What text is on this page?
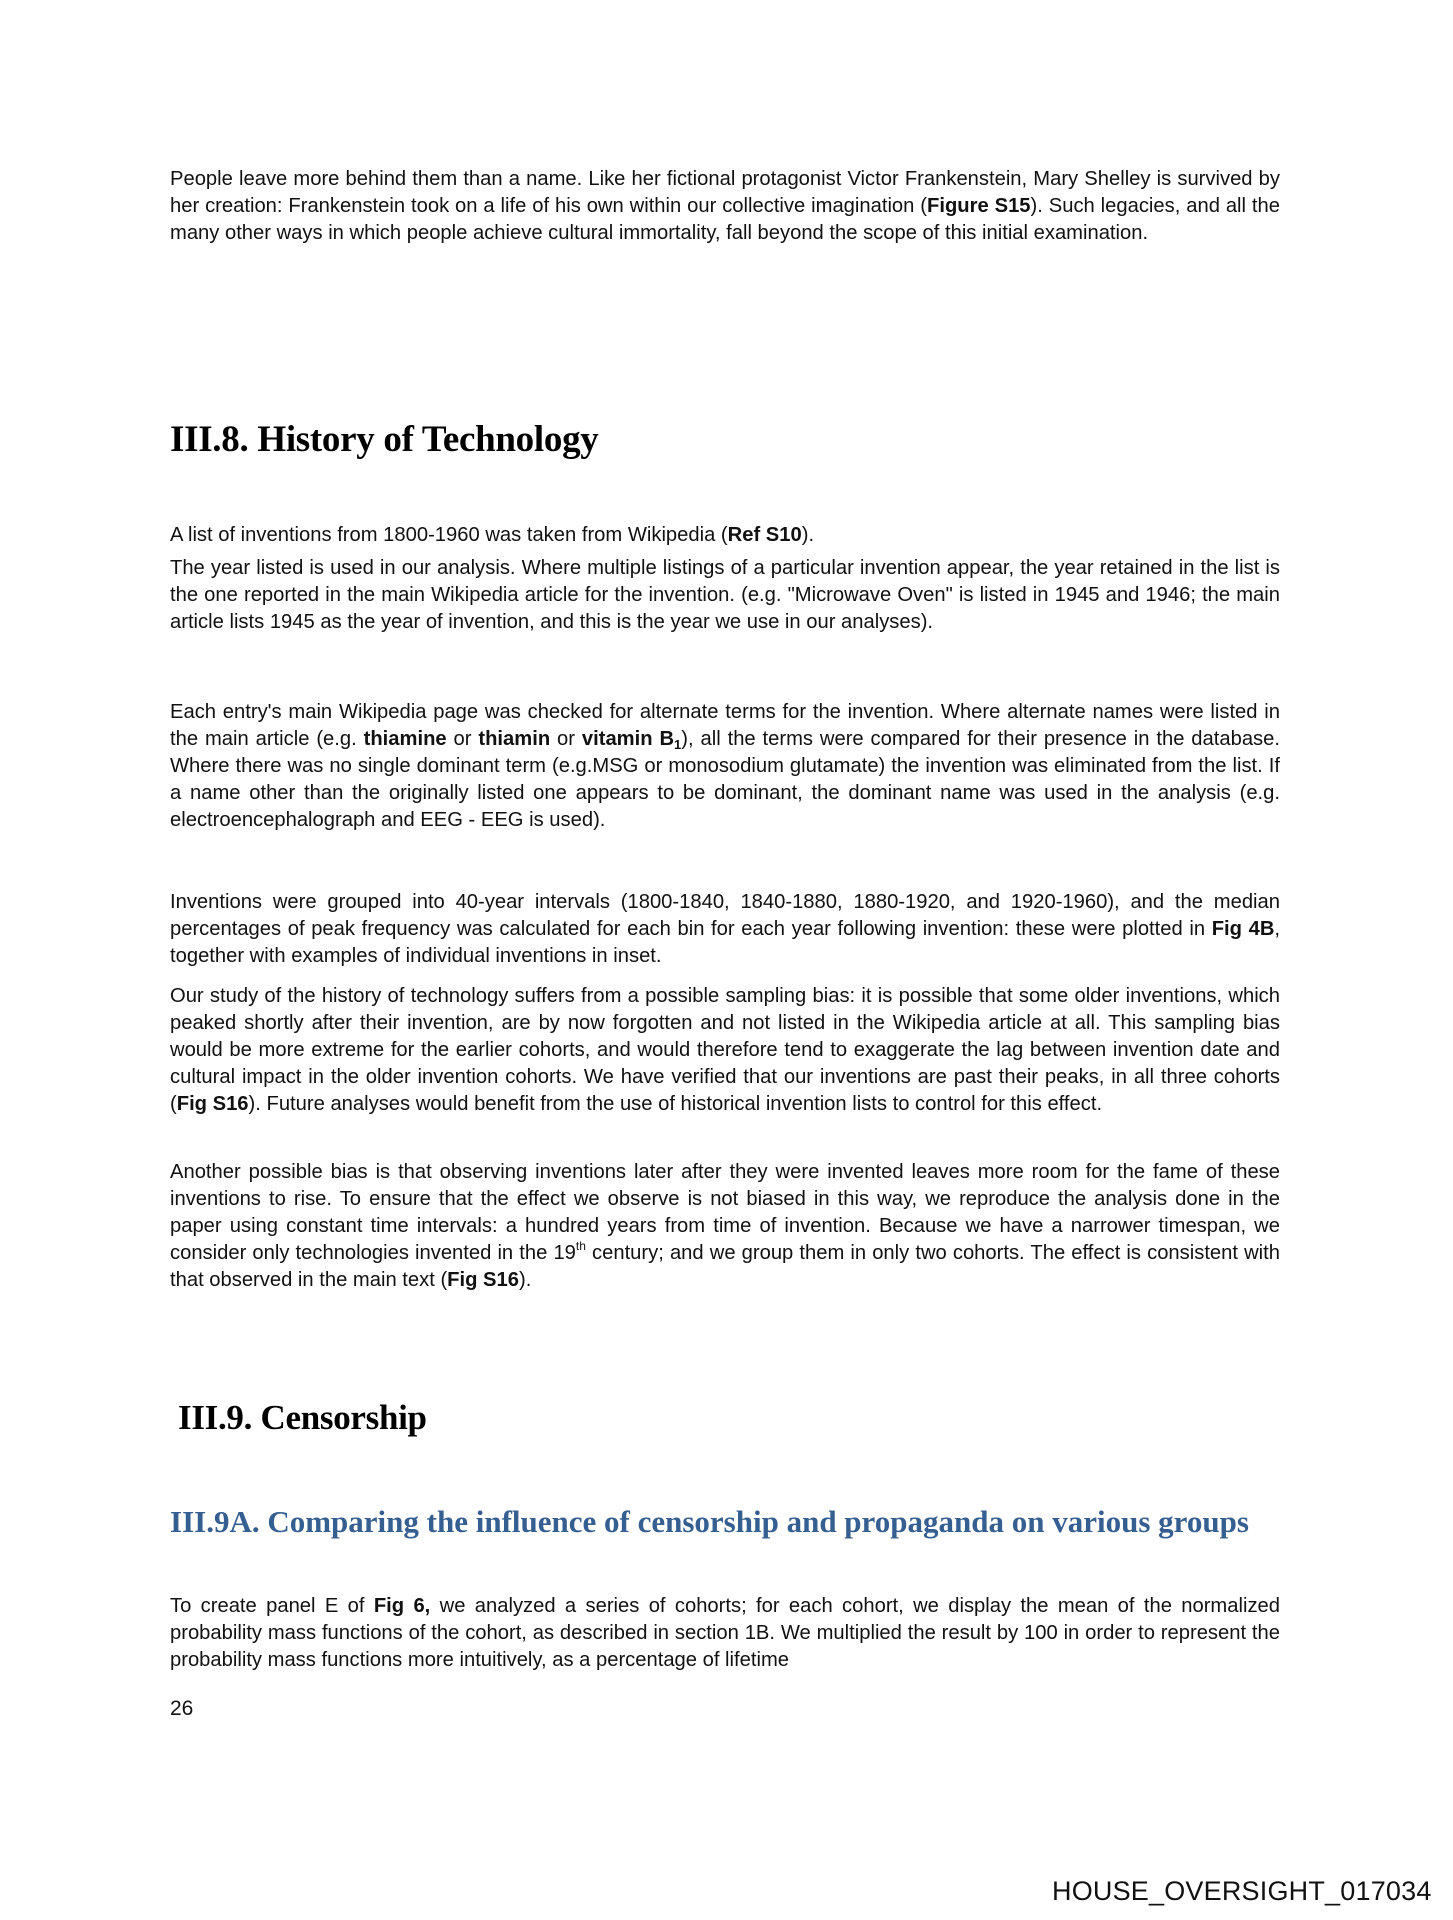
People leave more behind them than a name. Like her fictional protagonist Victor Frankenstein, Mary Shelley is survived by her creation: Frankenstein took on a life of his own within our collective imagination (Figure S15). Such legacies, and all the many other ways in which people achieve cultural immortality, fall beyond the scope of this initial examination.

III.8. History of Technology

A list of inventions from 1800-1960 was taken from Wikipedia (Ref S10).

The year listed is used in our analysis. Where multiple listings of a particular invention appear, the year retained in the list is the one reported in the main Wikipedia article for the invention. (e.g. "Microwave Oven" is listed in 1945 and 1946; the main article lists 1945 as the year of invention, and this is the year we use in our analyses).

Each entry's main Wikipedia page was checked for alternate terms for the invention. Where alternate names were listed in the main article (e.g. thiamine or thiamin or vitamin $B_1$), all the terms were compared for their presence in the database. Where there was no single dominant term (e.g.MSG or monosodium glutamate) the invention was eliminated from the list. If a name other than the originally listed one appears to be dominant, the dominant name was used in the analysis (e.g. electroencephalograph and EEG - EEG is used).

Inventions were grouped into 40-year intervals (1800-1840, 1840-1880, 1880-1920, and 1920-1960), and the median percentages of peak frequency was calculated for each bin for each year following invention: these were plotted in Fig 4B, together with examples of individual inventions in inset.

Our study of the history of technology suffers from a possible sampling bias: it is possible that some older inventions, which peaked shortly after their invention, are by now forgotten and not listed in the Wikipedia article at all. This sampling bias would be more extreme for the earlier cohorts, and would therefore tend to exaggerate the lag between invention date and cultural impact in the older invention cohorts. We have verified that our inventions are past their peaks, in all three cohorts (Fig S16). Future analyses would benefit from the use of historical invention lists to control for this effect.

Another possible bias is that observing inventions later after they were invented leaves more room for the fame of these inventions to rise. To ensure that the effect we observe is not biased in this way, we reproduce the analysis done in the paper using constant time intervals: a hundred years from time of invention. Because we have a narrower timespan, we consider only technologies invented in the 19th century; and we group them in only two cohorts. The effect is consistent with that observed in the main text (Fig S16).

III.9. Censorship
III.9A. Comparing the influence of censorship and propaganda on various groups

To create panel E of Fig 6, we analyzed a series of cohorts; for each cohort, we display the mean of the normalized probability mass functions of the cohort, as described in section 1B. We multiplied the result by 100 in order to represent the probability mass functions more intuitively, as a percentage of lifetime

26
HOUSE_OVERSIGHT_017034
